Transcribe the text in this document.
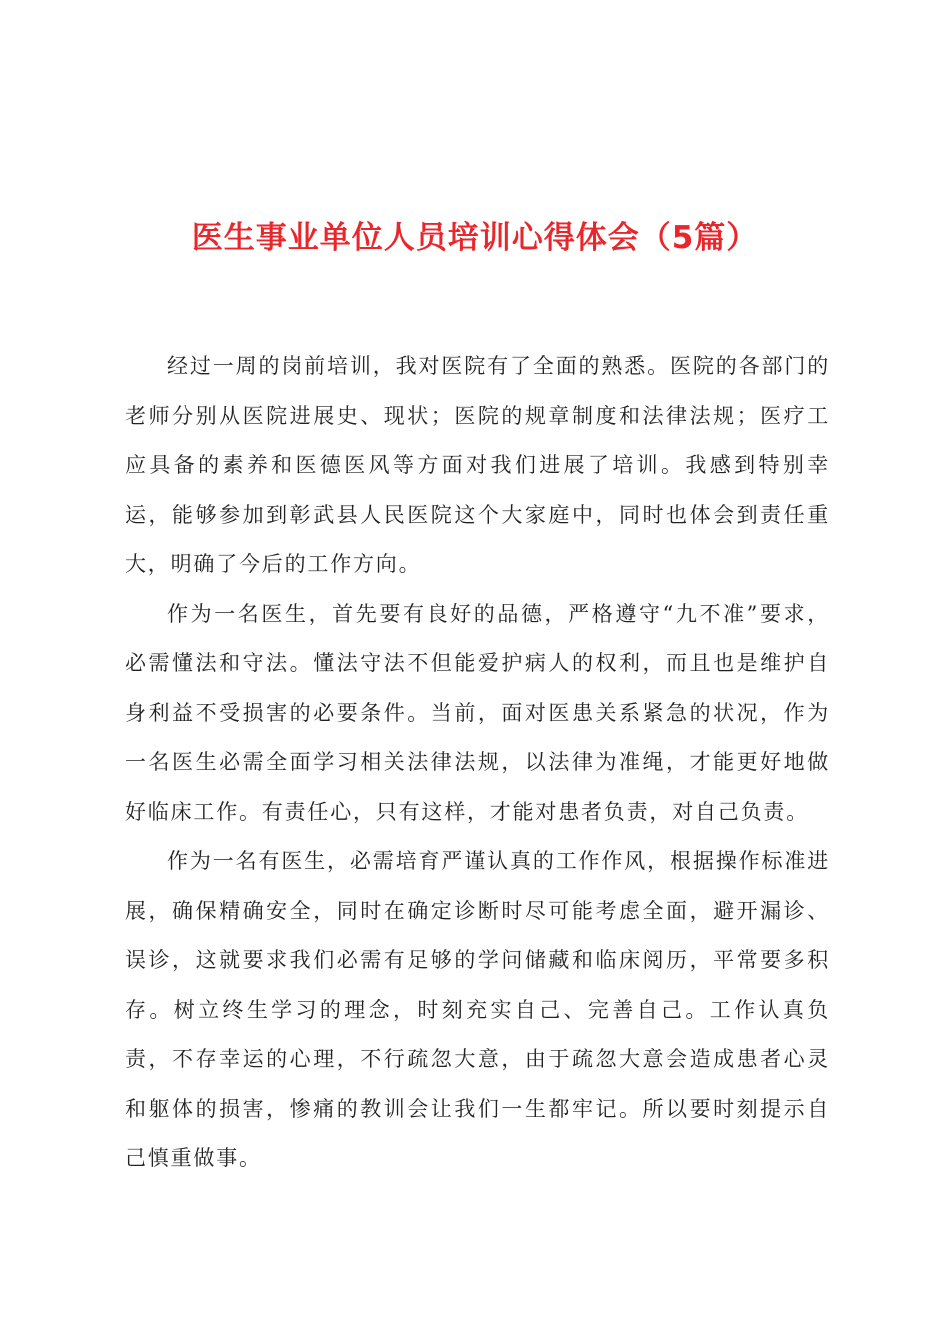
医生事业单位人员培训心得体会（5篇）

经过一周的岗前培训，我对医院有了全面的熟悉。医院的各部门的老师分别从医院进展史、现状；医院的规章制度和法律法规；医疗工应具备的素养和医德医风等方面对我们进展了培训。我感到特别幸运，能够参加到彰武县人民医院这个大家庭中，同时也体会到责任重大，明确了今后的工作方向。

作为一名医生，首先要有良好的品德，严格遵守“九不准”要求，必需懂法和守法。懂法守法不但能爱护病人的权利，而且也是维护自身利益不受损害的必要条件。当前，面对医患关系紧急的状况，作为一名医生必需全面学习相关法律法规，以法律为准绳，才能更好地做好临床工作。有责任心，只有这样，才能对患者负责，对自己负责。

作为一名有医生，必需培育严谨认真的工作作风，根据操作标准进展，确保精确安全，同时在确定诊断时尽可能考虑全面，避开漏诊、误诊，这就要求我们必需有足够的学问储藏和临床阅历，平常要多积存。树立终生学习的理念，时刻充实自己、完善自己。工作认真负责，不存幸运的心理，不行疏忽大意，由于疏忽大意会造成患者心灵和躯体的损害，惨痛的教训会让我们一生都牢记。所以要时刻提示自己慎重做事。
